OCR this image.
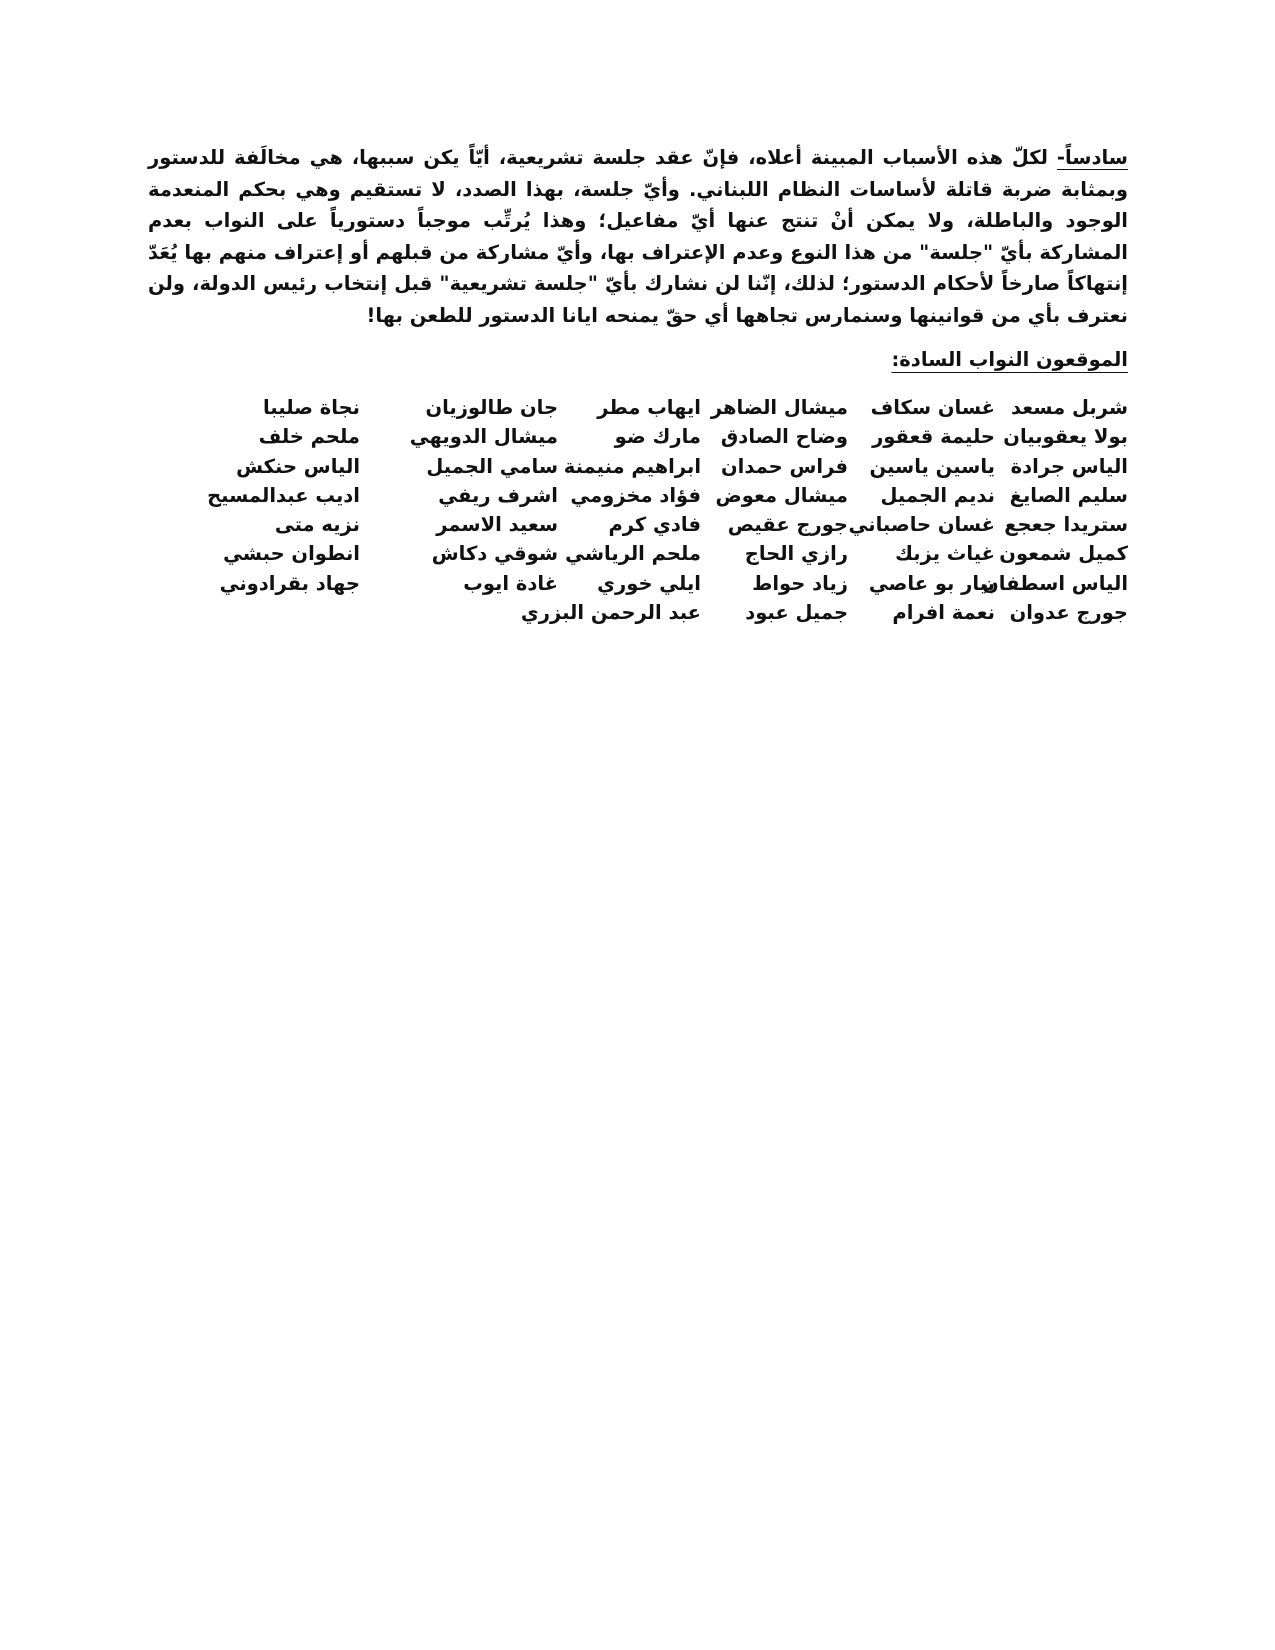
سادساً- لكلّ هذه الأسباب المبينة أعلاه، فإنّ عقد جلسة تشريعية، أيّاً يكن سببها، هي مخالَفة للدستور وبمثابة ضربة قاتلة لأساسات النظام اللبناني. وأيّ جلسة، بهذا الصدد، لا تستقيم وهي بحكم المنعدمة الوجود والباطلة، ولا يمكن أنْ تنتج عنها أيّ مفاعيل؛ وهذا يُرتِّب موجباً دستورياً على النواب بعدم المشاركة بأيّ "جلسة" من هذا النوع وعدم الإعتراف بها، وأيّ مشاركة من قبلهم أو إعتراف منهم بها يُعَدّ إنتهاكاً صارخاً لأحكام الدستور؛ لذلك، إنّنا لن نشارك بأيّ "جلسة تشريعية" قبل إنتخاب رئيس الدولة، ولن نعترف بأي من قوانينها وسنمارس تجاهها أي حقّ يمنحه ايانا الدستور للطعن بها!

الموقعون النواب السادة:
شربل مسعد
بولا يعقوبيان
الياس جرادة
سليم الصايغ
ستريدا جعجع
كميل شمعون
الياس اسطفان
جورج عدوان
غسان سكاف
حليمة قعقور
ياسين ياسين
نديم الجميل
غسان حاصباني
غياث يزبك
بيار بو عاصي
نعمة افرام
ميشال الضاهر
وضاح الصادق
فراس حمدان
ميشال معوض
جورج عقيص
رازي الحاج
زياد حواط
جميل عبود
ايهاب مطر
مارك ضو
ابراهيم منيمنة
فؤاد مخزومي
فادي كرم
ملحم الرياشي
ايلي خوري
عبد الرحمن البزري
جان طالوزيان
ميشال الدويهي
سامي الجميل
اشرف ريفي
سعيد الاسمر
شوقي دكاش
غادة ايوب
نجاة صليبا
ملحم خلف
الياس حنكش
اديب عبدالمسيح
نزيه متى
انطوان حبشي
جهاد بقرادوني
